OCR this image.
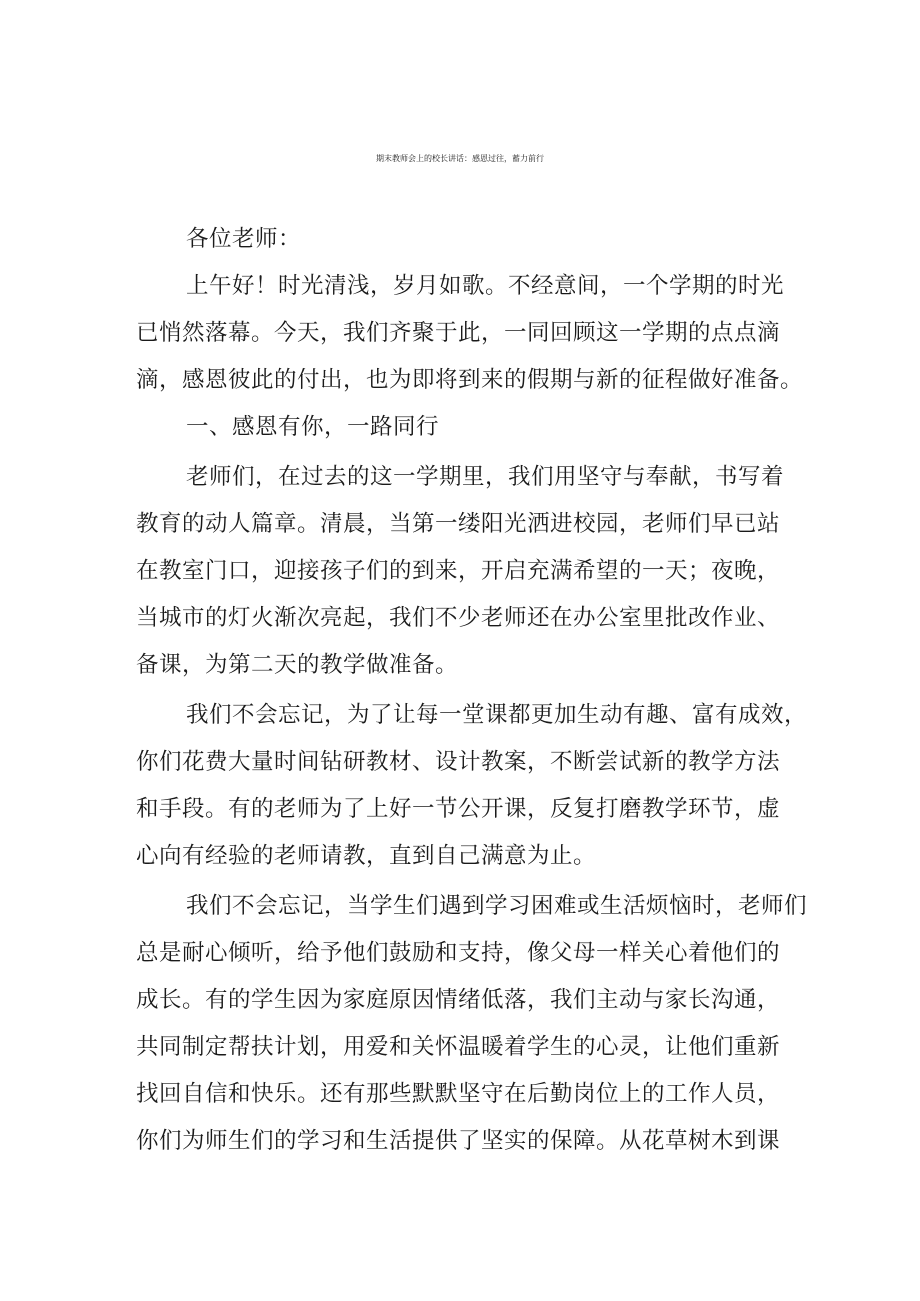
期末教师会上的校长讲话：感恩过往，蓄力前行
各位老师：
上午好！时光清浅，岁月如歌。不经意间，一个学期的时光
已悄然落幕。今天，我们齐聚于此，一同回顾这一学期的点点滴
滴，感恩彼此的付出，也为即将到来的假期与新的征程做好准备。
一、感恩有你，一路同行
老师们，在过去的这一学期里，我们用坚守与奉献，书写着
教育的动人篇章。清晨，当第一缕阳光洒进校园，老师们早已站
在教室门口，迎接孩子们的到来，开启充满希望的一天；夜晚，
当城市的灯火渐次亮起，我们不少老师还在办公室里批改作业、
备课，为第二天的教学做准备。
我们不会忘记，为了让每一堂课都更加生动有趣、富有成效，
你们花费大量时间钻研教材、设计教案，不断尝试新的教学方法
和手段。有的老师为了上好一节公开课，反复打磨教学环节，虚
心向有经验的老师请教，直到自己满意为止。
我们不会忘记，当学生们遇到学习困难或生活烦恼时，老师们
总是耐心倾听，给予他们鼓励和支持，像父母一样关心着他们的
成长。有的学生因为家庭原因情绪低落，我们主动与家长沟通，
共同制定帮扶计划，用爱和关怀温暖着学生的心灵，让他们重新
找回自信和快乐。还有那些默默坚守在后勤岗位上的工作人员，
你们为师生们的学习和生活提供了坚实的保障。从花草树木到课
